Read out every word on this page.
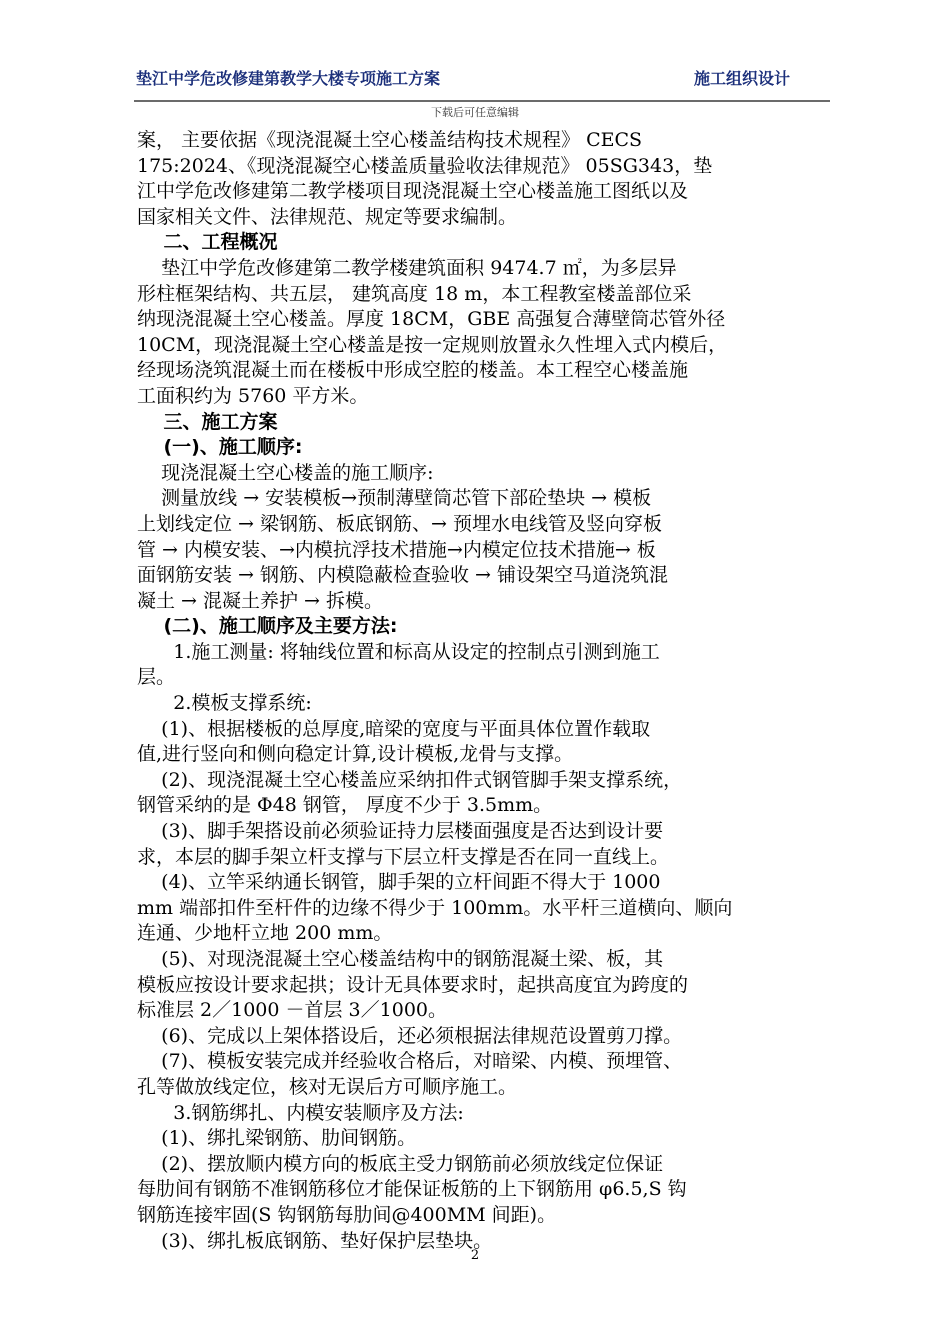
垫江中学危改修建第教学大楼专项施工方案	施工组织设计
下载后可任意编辑
案， 主要依据《现浇混凝土空心楼盖结构技术规程》 CECS
175:2024、《现浇混凝空心楼盖质量验收法律规范》 05SG343，垫
江中学危改修建第二教学楼项目现浇混凝土空心楼盖施工图纸以及
国家相关文件、法律规范、规定等要求编制。
二、工程概况
垫江中学危改修建第二教学楼建筑面积 9474.7 ㎡，为多层异
形柱框架结构、共五层， 建筑高度 18 m，本工程教室楼盖部位采
纳现浇混凝土空心楼盖。厚度 18CM，GBE 高强复合薄壁筒芯管外径
10CM，现浇混凝土空心楼盖是按一定规则放置永久性埋入式内模后，
经现场浇筑混凝土而在楼板中形成空腔的楼盖。本工程空心楼盖施
工面积约为 5760 平方米。
三、施工方案
(一)、施工顺序:
现浇混凝土空心楼盖的施工顺序:
测量放线 → 安装模板→预制薄壁筒芯管下部砼垫块 → 模板
上划线定位 → 梁钢筋、板底钢筋、→ 预埋水电线管及竖向穿板
管 → 内模安装、→内模抗浮技术措施→内模定位技术措施→ 板
面钢筋安装 → 钢筋、内模隐蔽检查验收 → 铺设架空马道浇筑混
凝土 → 混凝土养护 → 拆模。
(二)、施工顺序及主要方法:
1.施工测量: 将轴线位置和标高从设定的控制点引测到施工
层。
2.模板支撑系统:
(1)、根据楼板的总厚度,暗梁的宽度与平面具体位置作载取
值,进行竖向和侧向稳定计算,设计模板,龙骨与支撑。
(2)、现浇混凝土空心楼盖应采纳扣件式钢管脚手架支撑系统，
钢管采纳的是 Φ48 钢管， 厚度不少于 3.5mm。
(3)、脚手架搭设前必须验证持力层楼面强度是否达到设计要
求，本层的脚手架立杆支撑与下层立杆支撑是否在同一直线上。
(4)、立竿采纳通长钢管，脚手架的立杆间距不得大于 1000
mm 端部扣件至杆件的边缘不得少于 100mm。水平杆三道横向、顺向
连通、少地杆立地 200 mm。
(5)、对现浇混凝土空心楼盖结构中的钢筋混凝土梁、板，其
模板应按设计要求起拱；设计无具体要求时，起拱高度宜为跨度的
标准层 2／1000 －首层 3／1000。
(6)、完成以上架体搭设后，还必须根据法律规范设置剪刀撑。
(7)、模板安装完成并经验收合格后，对暗梁、内模、预埋管、
孔等做放线定位，核对无误后方可顺序施工。
3.钢筋绑扎、内模安装顺序及方法:
(1)、绑扎梁钢筋、肋间钢筋。
(2)、摆放顺内模方向的板底主受力钢筋前必须放线定位保证
每肋间有钢筋不准钢筋移位才能保证板筋的上下钢筋用 φ6.5,S 钩
钢筋连接牢固(S 钩钢筋每肋间@400MM 间距)。
(3)、绑扎板底钢筋、垫好保护层垫块。
2
